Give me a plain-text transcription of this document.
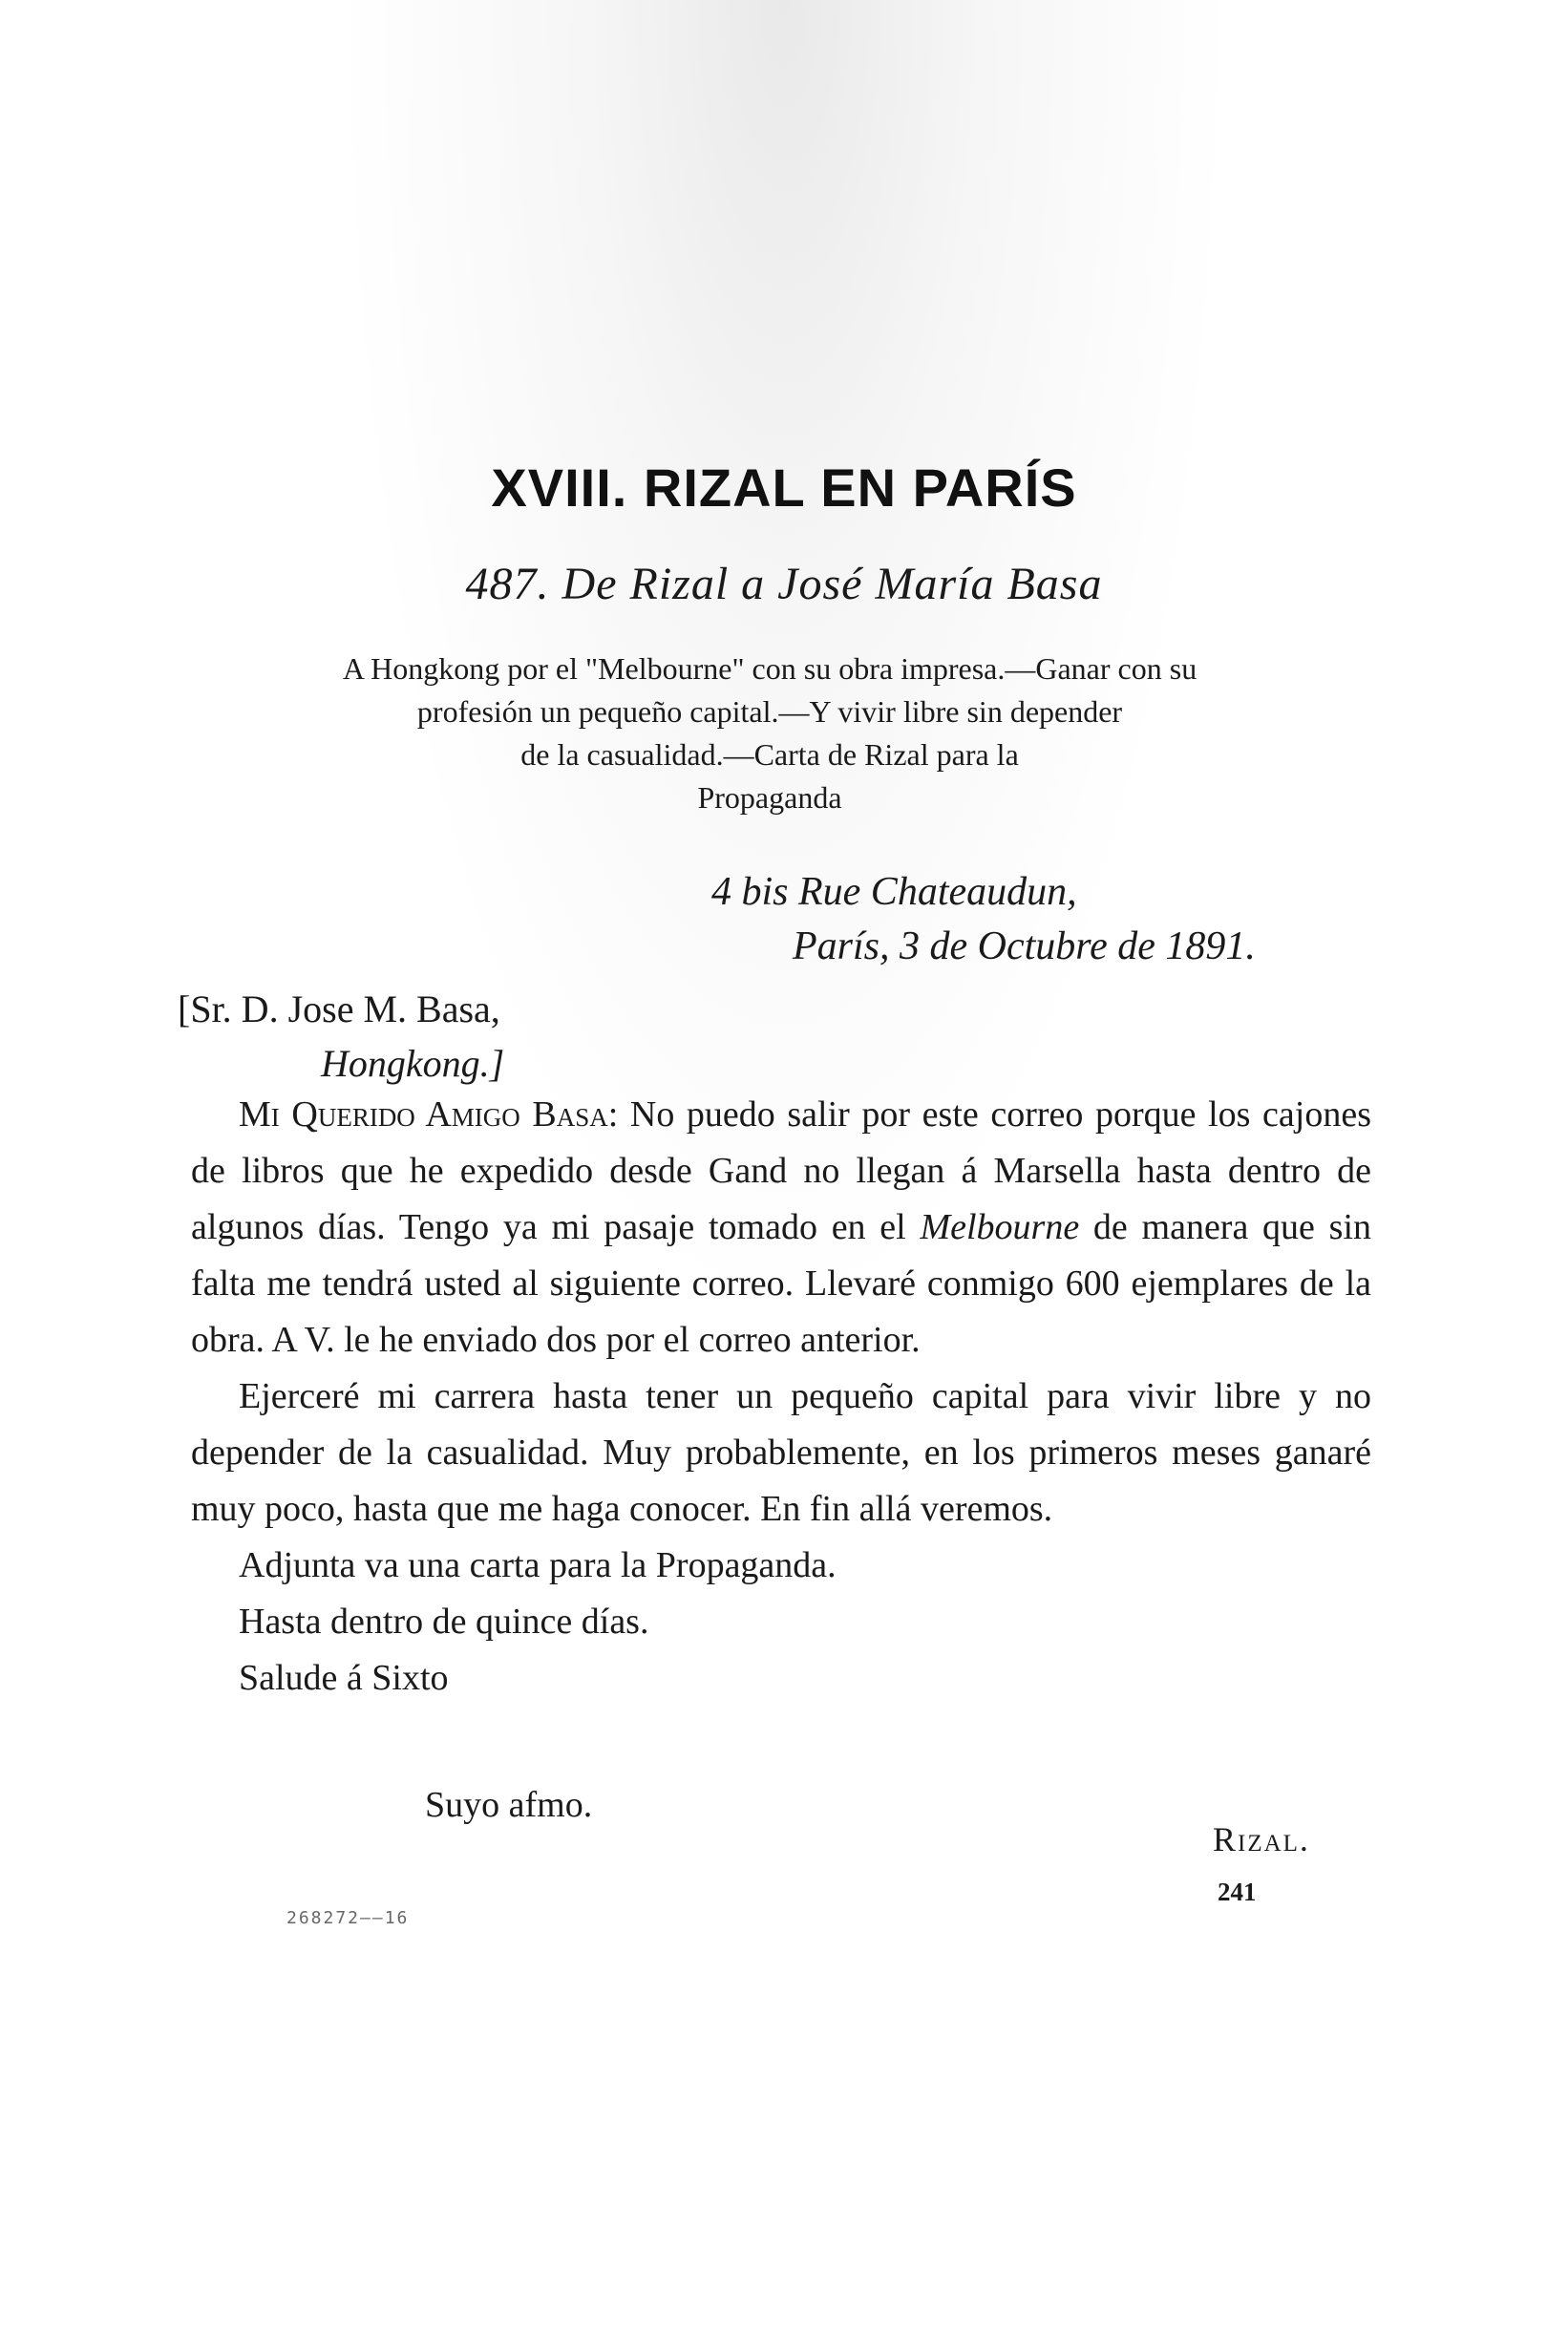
XVIII. RIZAL EN PARÍS
487. De Rizal a José María Basa
A Hongkong por el "Melbourne" con su obra impresa.—Ganar con su
profesión un pequeño capital.—Y vivir libre sin depender
de la casualidad.—Carta de Rizal para la
Propaganda
4 bis Rue Chateaudun,
París, 3 de Octubre de 1891.
[Sr. D. Jose M. Basa,
Hongkong.]

Mi Querido Amigo Basa: No puedo salir por este correo porque los cajones de libros que he expedido desde Gand no llegan á Marsella hasta dentro de algunos días. Tengo ya mi pasaje tomado en el Melbourne de manera que sin falta me tendrá usted al siguiente correo. Llevaré conmigo 600 ejemplares de la obra. A V. le he enviado dos por el correo anterior.

Ejerceré mi carrera hasta tener un pequeño capital para vivir libre y no depender de la casualidad. Muy probablemente, en los primeros meses ganaré muy poco, hasta que me haga conocer. En fin allá veremos.

Adjunta va una carta para la Propaganda.

Hasta dentro de quince días.

Salude á Sixto

Suyo afmo.
Rizal.
268272——16
241
